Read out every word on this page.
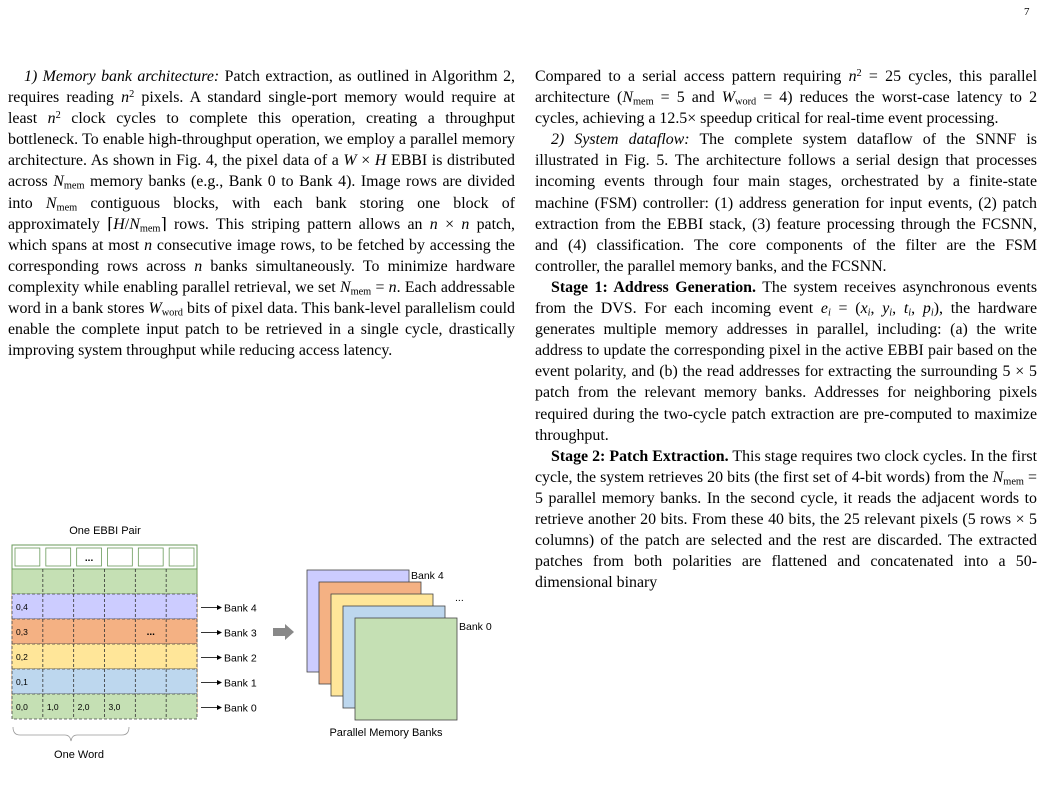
7

1) Memory bank architecture: Patch extraction, as outlined in Algorithm 2, requires reading $n^2$ pixels. A standard single-port memory would require at least $n^2$ clock cycles to complete this operation, creating a throughput bottleneck. To enable high-throughput operation, we employ a parallel memory architecture. As shown in Fig. 4, the pixel data of a W × H EBBI is distributed across $N_{mem}$ memory banks (e.g., Bank 0 to Bank 4). Image rows are divided into $N_{mem}$ contiguous blocks, with each bank storing one block of approximately $⌈H/N_{mem}⌉$ rows. This striping pattern allows an n × n patch, which spans at most n consecutive image rows, to be fetched by accessing the corresponding rows across n banks simultaneously. To minimize hardware complexity while enabling parallel retrieval, we set $N_{mem} = n$. Each addressable word in a bank stores $W_{word}$ bits of pixel data. This bank-level parallelism could enable the complete input patch to be retrieved in a single cycle, drastically improving system throughput while reducing access latency.

Compared to a serial access pattern requiring $n^2 = 25$ cycles, this parallel architecture ($N_{mem} = 5$ and $W_{word} = 4$) reduces the worst-case latency to 2 cycles, achieving a 12.5× speedup critical for real-time event processing.

2) System dataflow: The complete system dataflow of the SNNF is illustrated in Fig. 5. The architecture follows a serial design that processes incoming events through four main stages, orchestrated by a finite-state machine (FSM) controller: (1) address generation for input events, (2) patch extraction from the EBBI stack, (3) feature processing through the FCSNN, and (4) classification. The core components of the filter are the FSM controller, the parallel memory banks, and the FCSNN.

Stage 1: Address Generation. The system receives asynchronous events from the DVS. For each incoming event $e_i = (x_i$, $y_i$, $t_i$, $p_i$), the hardware generates multiple memory addresses in parallel, including: (a) the write address to update the corresponding pixel in the active EBBI pair based on the event polarity, and (b) the read addresses for extracting the surrounding 5 × 5 patch from the relevant memory banks. Addresses for neighboring pixels required during the two-cycle patch extraction are pre-computed to maximize throughput.

Stage 2: Patch Extraction. This stage requires two clock cycles. In the first cycle, the system retrieves 20 bits (the first set of 4-bit words) from the $N_{mem} = 5$ parallel memory banks. In the second cycle, it reads the adjacent words to retrieve another 20 bits. From these 40 bits, the 25 relevant pixels (5 rows × 5 columns) of the patch are selected and the rest are discarded. The extracted patches from both polarities are flattened and concatenated into a 50-dimensional binary

One EBBI Pair
...
0,4
0,3	...
0,2
0,1
0,0 1,0 2,0 3,0
Bank 4
Bank 3
Bank 2
Bank 1
Bank 0
One Word
Bank 4
...
Bank 0
Parallel Memory Banks
